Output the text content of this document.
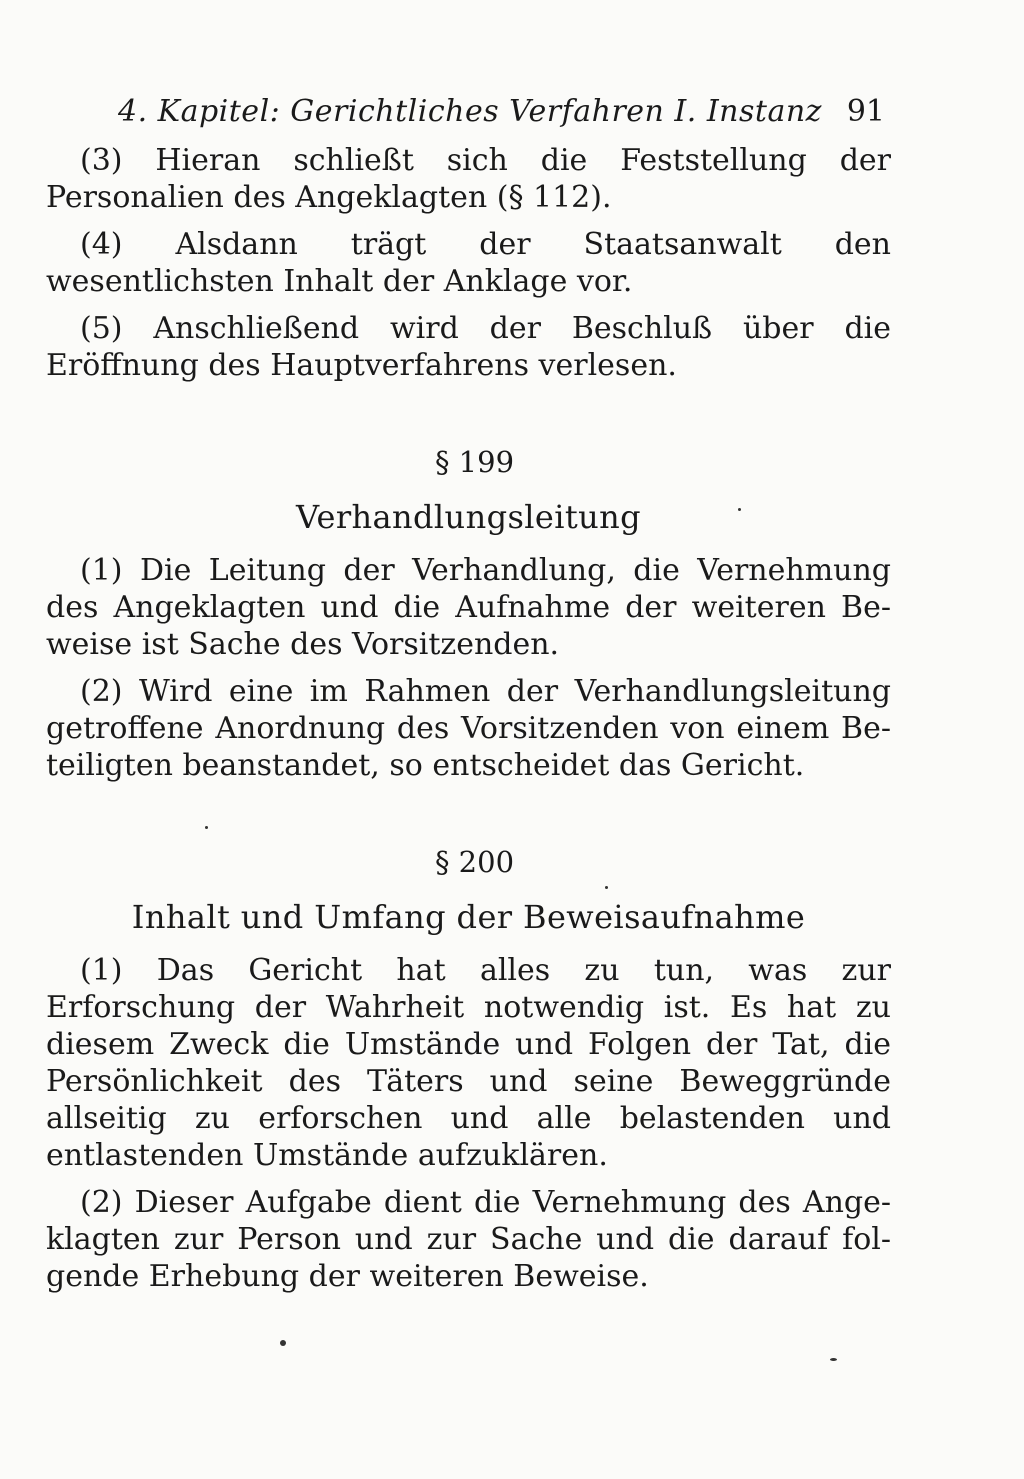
4. Kapitel: Gerichtliches Verfahren I. Instanz 91

(3) Hieran schließt sich die Feststellung der Personalien des Angeklagten (§ 112).

(4) Alsdann trägt der Staatsanwalt den wesentlichsten Inhalt der Anklage vor.

(5) Anschließend wird der Beschluß über die Eröffnung des Hauptverfahrens verlesen.

§ 199
Verhandlungsleitung

(1) Die Leitung der Verhandlung, die Vernehmung des Angeklagten und die Aufnahme der weiteren Beweise ist Sache des Vorsitzenden.

(2) Wird eine im Rahmen der Verhandlungsleitung getroffene Anordnung des Vorsitzenden von einem Beteiligten beanstandet, so entscheidet das Gericht.

§ 200
Inhalt und Umfang der Beweisaufnahme

(1) Das Gericht hat alles zu tun, was zur Erforschung der Wahrheit notwendig ist. Es hat zu diesem Zweck die Umstände und Folgen der Tat, die Persönlichkeit des Täters und seine Beweggründe allseitig zu erforschen und alle belastenden und entlastenden Umstände aufzuklären.

(2) Dieser Aufgabe dient die Vernehmung des Angeklagten zur Person und zur Sache und die darauf folgende Erhebung der weiteren Beweise.
